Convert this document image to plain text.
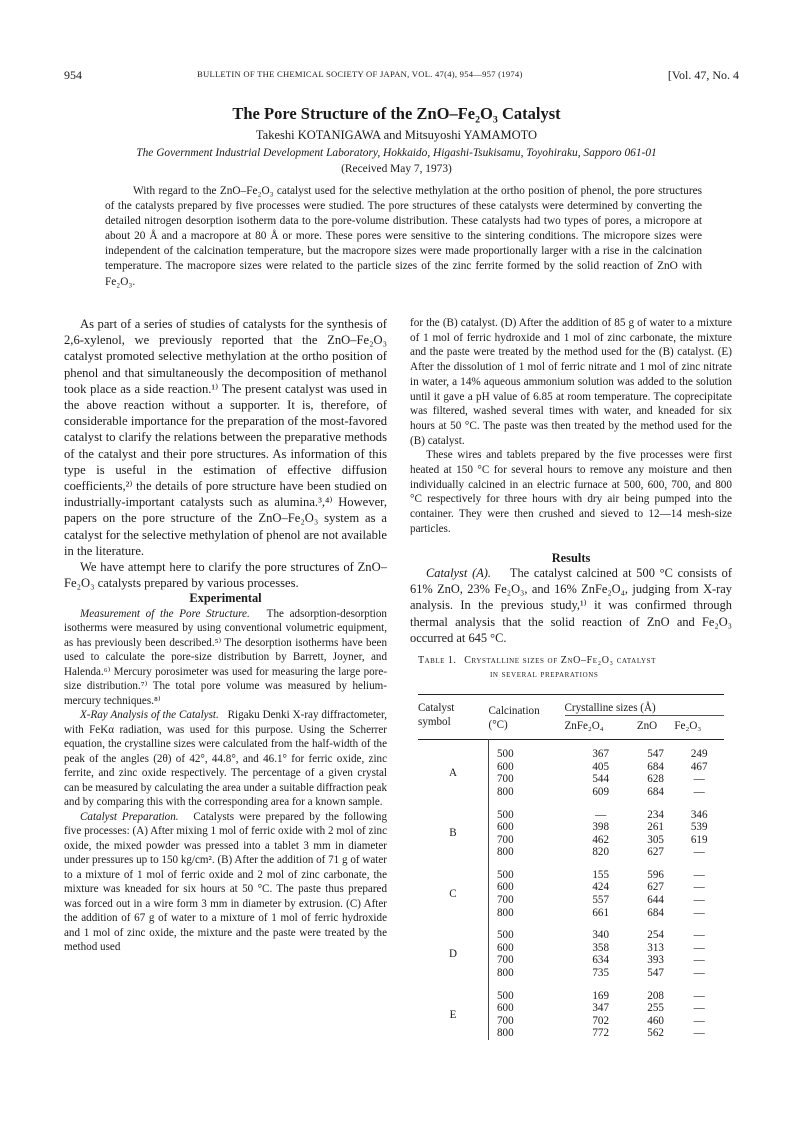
954	BULLETIN OF THE CHEMICAL SOCIETY OF JAPAN, VOL. 47(4), 954—957 (1974)	[Vol. 47, No. 4
The Pore Structure of the ZnO–Fe₂O₃ Catalyst
Takeshi KOTANIGAWA and Mitsuyoshi YAMAMOTO
The Government Industrial Development Laboratory, Hokkaido, Higashi-Tsukisamu, Toyohiraku, Sapporo 061-01
(Received May 7, 1973)
With regard to the ZnO–Fe₂O₃ catalyst used for the selective methylation at the ortho position of phenol, the pore structures of the catalysts prepared by five processes were studied. The pore structures of these catalysts were determined by converting the detailed nitrogen desorption isotherm data to the pore-volume distribution. These catalysts had two types of pores, a micropore at about 20 Å and a macropore at 80 Å or more. These pores were sensitive to the sintering conditions. The micropore sizes were independent of the calcination temperature, but the macropore sizes were made proportionally larger with a rise in the calcination temperature. The macropore sizes were related to the particle sizes of the zinc ferrite formed by the solid reaction of ZnO with Fe₂O₃.

As part of a series of studies of catalysts for the synthesis of 2,6-xylenol, we previously reported that the ZnO–Fe₂O₃ catalyst promoted selective methylation at the ortho position of phenol and that simultaneously the decomposition of methanol took place as a side reaction.¹⁾ The present catalyst was used in the above reaction without a supporter. It is, therefore, of considerable importance for the preparation of the most-favored catalyst to clarify the relations between the preparative methods of the catalyst and their pore structures. As information of this type is useful in the estimation of effective diffusion coefficients,²⁾ the details of pore structure have been studied on industrially-important catalysts such as alumina.³,⁴⁾ However, papers on the pore structure of the ZnO–Fe₂O₃ system as a catalyst for the selective methylation of phenol are not available in the literature.

We have attempt here to clarify the pore structures of ZnO–Fe₂O₃ catalysts prepared by various processes.

Experimental

Measurement of the Pore Structure. The adsorption-desorption isotherms were measured by using conventional volumetric equipment, as has previously been described.⁵⁾ The desorption isotherms have been used to calculate the pore-size distribution by Barrett, Joyner, and Halenda.⁶⁾ Mercury porosimeter was used for measuring the large pore-size distribution.⁷⁾ The total pore volume was measured by helium-mercury techniques.⁸⁾

X-Ray Analysis of the Catalyst. Rigaku Denki X-ray diffractometer, with FeKα radiation, was used for this purpose. Using the Scherrer equation, the crystalline sizes were calculated from the half-width of the peak of the angles (2θ) of 42°, 44.8°, and 46.1° for ferric oxide, zinc ferrite, and zinc oxide respectively. The percentage of a given crystal can be measured by calculating the area under a suitable diffraction peak and by comparing this with the corresponding area for a known sample.

Catalyst Preparation. Catalysts were prepared by the following five processes: (A) After mixing 1 mol of ferric oxide with 2 mol of zinc oxide, the mixed powder was pressed into a tablet 3 mm in diameter under pressures up to 150 kg/cm². (B) After the addition of 71 g of water to a mixture of 1 mol of ferric oxide and 2 mol of zinc carbonate, the mixture was kneaded for six hours at 50 °C. The paste thus prepared was forced out in a wire form 3 mm in diameter by extrusion. (C) After the addition of 67 g of water to a mixture of 1 mol of ferric hydroxide and 1 mol of zinc oxide, the mixture and the paste were treated by the method used

for the (B) catalyst. (D) After the addition of 85 g of water to a mixture of 1 mol of ferric hydroxide and 1 mol of zinc carbonate, the mixture and the paste were treated by the method used for the (B) catalyst. (E) After the dissolution of 1 mol of ferric nitrate and 1 mol of zinc nitrate in water, a 14% aqueous ammonium solution was added to the solution until it gave a pH value of 6.85 at room temperature. The coprecipitate was filtered, washed several times with water, and kneaded for six hours at 50 °C. The paste was then treated by the method used for the (B) catalyst.

These wires and tablets prepared by the five processes were first heated at 150 °C for several hours to remove any moisture and then individually calcined in an electric furnace at 500, 600, 700, and 800 °C respectively for three hours with dry air being pumped into the container. They were then crushed and sieved to 12—14 mesh-size particles.

Results

Catalyst (A). The catalyst calcined at 500 °C consists of 61% ZnO, 23% Fe₂O₃, and 16% ZnFe₂O₄, judging from X-ray analysis. In the previous study,¹⁾ it was confirmed through thermal analysis that the solid reaction of ZnO and Fe₂O₃ occurred at 645 °C.

Table 1. Crystalline sizes of ZnO–Fe₂O₃ catalyst
in several preparations
Catalyst
symbol	Calcination
(°C)	Crystalline sizes (Å)		
		ZnFe₂O₄	ZnO	Fe₂O₃
A	500	367	547	249
	600	405	684	467
	700	544	628	—
	800	609	684	—
B	500	—	234	346
	600	398	261	539
	700	462	305	619
	800	820	627	—
C	500	155	596	—
	600	424	627	—
	700	557	644	—
	800	661	684	—
D	500	340	254	—
	600	358	313	—
	700	634	393	—
	800	735	547	—
E	500	169	208	—
	600	347	255	—
	700	702	460	—
	800	772	562	—
